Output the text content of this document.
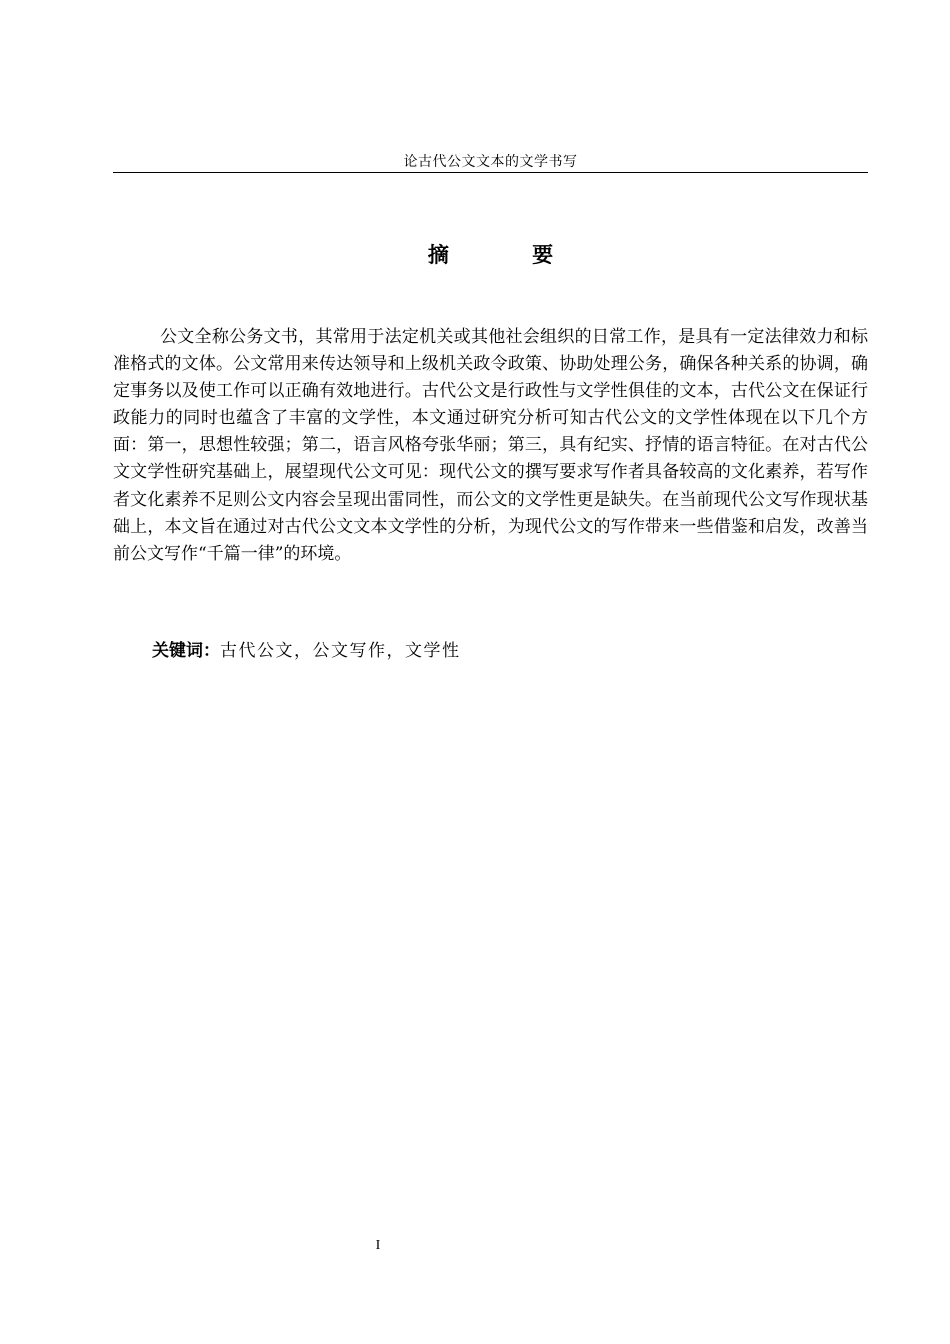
论古代公文文本的文学书写
摘 要

公文全称公务文书，其常用于法定机关或其他社会组织的日常工作，是具有一定法律效力和标准格式的文体。公文常用来传达领导和上级机关政令政策、协助处理公务，确保各种关系的协调，确定事务以及使工作可以正确有效地进行。古代公文是行政性与文学性俱佳的文本，古代公文在保证行政能力的同时也蕴含了丰富的文学性，本文通过研究分析可知古代公文的文学性体现在以下几个方面：第一，思想性较强；第二，语言风格夸张华丽；第三，具有纪实、抒情的语言特征。在对古代公文文学性研究基础上，展望现代公文可见：现代公文的撰写要求写作者具备较高的文化素养，若写作者文化素养不足则公文内容会呈现出雷同性，而公文的文学性更是缺失。在当前现代公文写作现状基础上，本文旨在通过对古代公文文本文学性的分析，为现代公文的写作带来一些借鉴和启发，改善当前公文写作“千篇一律”的环境。

关键词：古代公文，公文写作，文学性

I
